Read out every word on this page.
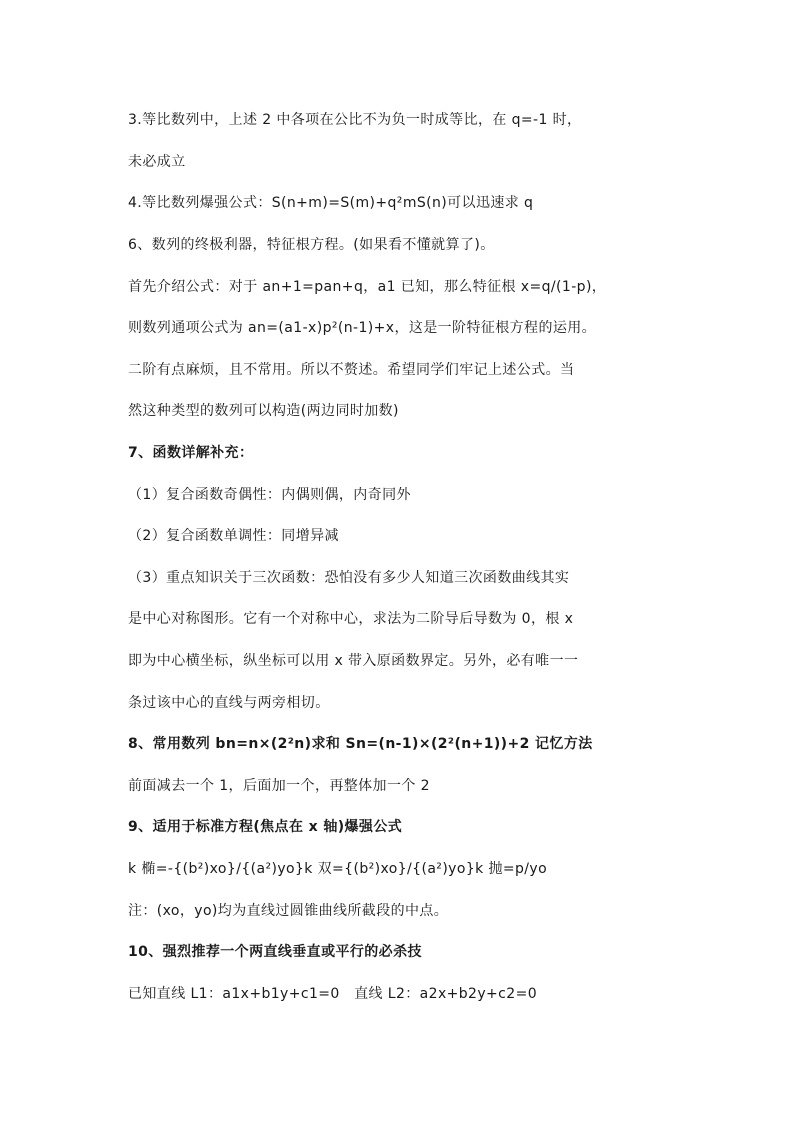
3.等比数列中，上述 2 中各项在公比不为负一时成等比，在 q=-1 时，
未必成立
4.等比数列爆强公式：S(n+m)=S(m)+q²mS(n)可以迅速求 q
6、数列的终极利器，特征根方程。(如果看不懂就算了)。
首先介绍公式：对于 an+1=pan+q，a1 已知，那么特征根 x=q/(1-p)，
则数列通项公式为 an=(a1-x)p²(n-1)+x，这是一阶特征根方程的运用。
二阶有点麻烦，且不常用。所以不赘述。希望同学们牢记上述公式。当
然这种类型的数列可以构造(两边同时加数)
7、函数详解补充：
（1）复合函数奇偶性：内偶则偶，内奇同外
（2）复合函数单调性：同增异减
（3）重点知识关于三次函数：恐怕没有多少人知道三次函数曲线其实
是中心对称图形。它有一个对称中心，求法为二阶导后导数为 0，根 x
即为中心横坐标，纵坐标可以用 x 带入原函数界定。另外，必有唯一一
条过该中心的直线与两旁相切。
8、常用数列 bn=n×(2²n)求和 Sn=(n-1)×(2²(n+1))+2 记忆方法
前面减去一个 1，后面加一个，再整体加一个 2
9、适用于标准方程(焦点在 x 轴)爆强公式
k 椭=-{(b²)xo}/{(a²)yo}k 双={(b²)xo}/{(a²)yo}k 抛=p/yo
注：(xo，yo)均为直线过圆锥曲线所截段的中点。
10、强烈推荐一个两直线垂直或平行的必杀技
已知直线 L1：a1x+b1y+c1=0　直线 L2：a2x+b2y+c2=0
